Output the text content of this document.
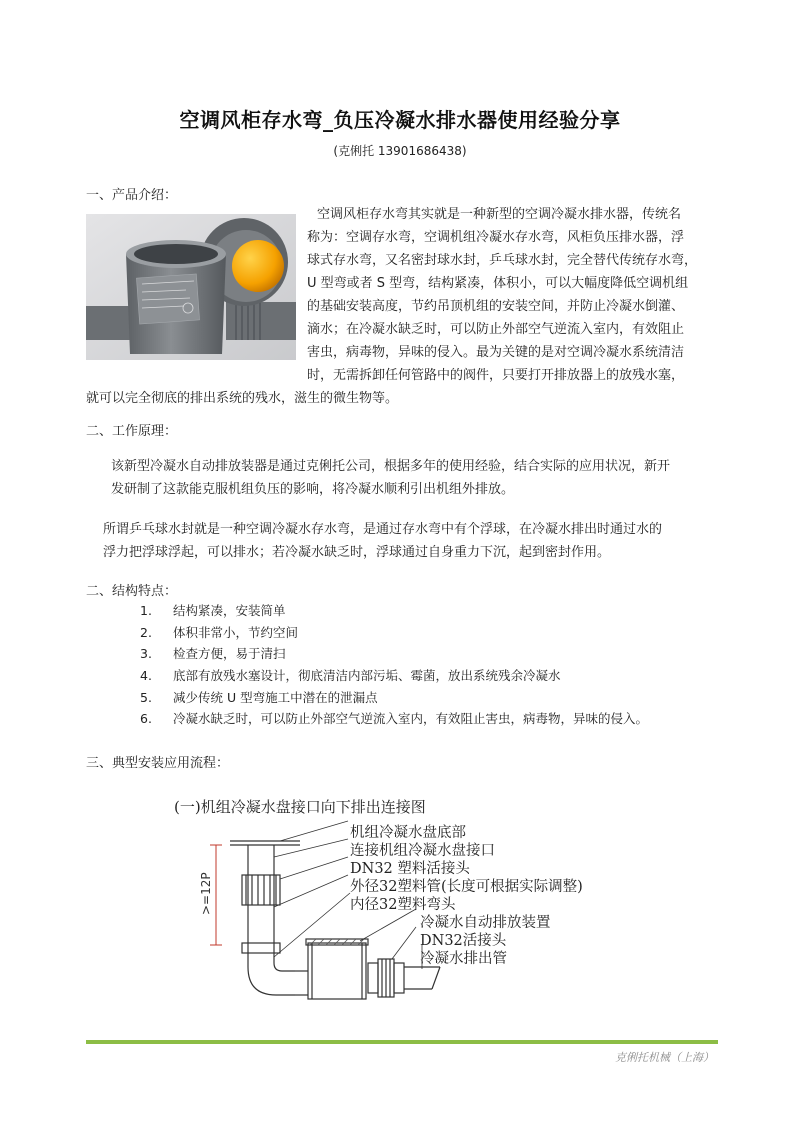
空调风柜存水弯_负压冷凝水排水器使用经验分享
(克俐托 13901686438)
一、产品介绍：
空调风柜存水弯其实就是一种新型的空调冷凝水排水器，传统名
称为：空调存水弯，空调机组冷凝水存水弯，风柜负压排水器，浮
球式存水弯，又名密封球水封，乒乓球水封，完全替代传统存水弯，
U 型弯或者 S 型弯，结构紧凑，体积小，可以大幅度降低空调机组
的基础安装高度，节约吊顶机组的安装空间，并防止冷凝水倒灌、
滴水；在冷凝水缺乏时，可以防止外部空气逆流入室内，有效阻止
害虫，病毒物，异味的侵入。最为关键的是对空调冷凝水系统清洁
时，无需拆卸任何管路中的阀件，只要打开排放器上的放残水塞，
就可以完全彻底的排出系统的残水，滋生的微生物等。
二、工作原理：
该新型冷凝水自动排放装器是通过克俐托公司，根据多年的使用经验，结合实际的应用状况，新开
发研制了这款能克服机组负压的影响，将冷凝水顺利引出机组外排放。
所谓乒乓球水封就是一种空调冷凝水存水弯，是通过存水弯中有个浮球，在冷凝水排出时通过水的
浮力把浮球浮起，可以排水；若冷凝水缺乏时，浮球通过自身重力下沉，起到密封作用。
二、结构特点：
1. 结构紧凑，安装简单
2. 体积非常小，节约空间
3. 检查方便，易于清扫
4. 底部有放残水塞设计，彻底清洁内部污垢、霉菌，放出系统残余冷凝水
5. 减少传统 U 型弯施工中潜在的泄漏点
6. 冷凝水缺乏时，可以防止外部空气逆流入室内，有效阻止害虫，病毒物，异味的侵入。
三、典型安装应用流程：
(一)机组冷凝水盘接口向下排出连接图
>=12P
机组冷凝水盘底部
连接机组冷凝水盘接口
DN32 塑料活接头
外径32塑料管(长度可根据实际调整)
内径32塑料弯头
冷凝水自动排放装置
DN32活接头
冷凝水排出管
克俐托机械（上海）
